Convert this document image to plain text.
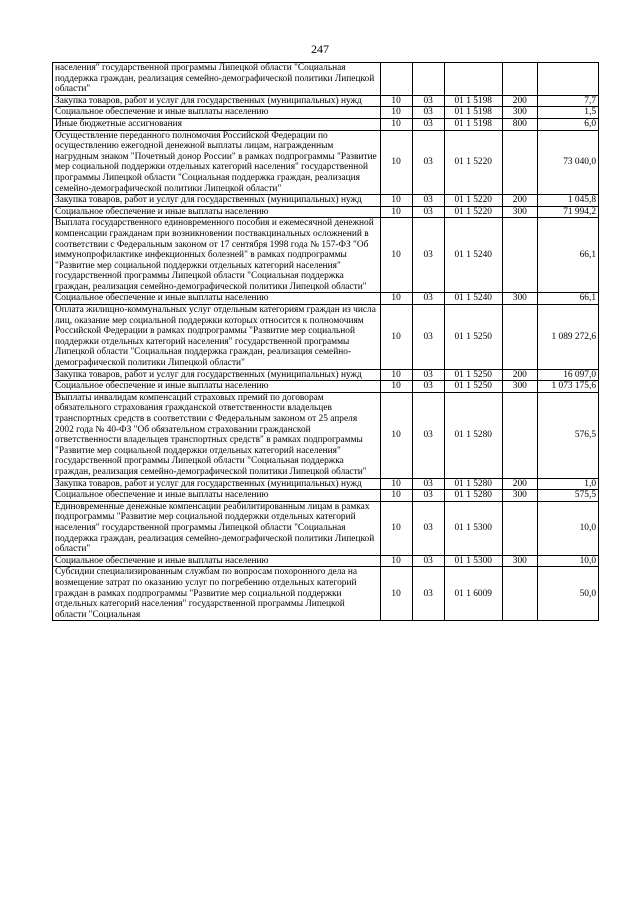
247
населения" государственной программы Липецкой области "Социальная поддержка граждан, реализация семейно-демографической политики Липецкой области"					
Закупка товаров, работ и услуг для государственных (муниципальных) нужд	10	03	01 1 5198	200	7,7
Социальное обеспечение и иные выплаты населению	10	03	01 1 5198	300	1,5
Иные бюджетные ассигнования	10	03	01 1 5198	800	6,0
Осуществление переданного полномочия Российской Федерации по осуществлению ежегодной денежной выплаты лицам, награжденным нагрудным знаком "Почетный донор России" в рамках подпрограммы "Развитие мер социальной поддержки отдельных категорий населения" государственной программы Липецкой области "Социальная поддержка граждан, реализация семейно-демографической политики Липецкой области"	10	03	01 1 5220		73 040,0
Закупка товаров, работ и услуг для государственных (муниципальных) нужд	10	03	01 1 5220	200	1 045,8
Социальное обеспечение и иные выплаты населению	10	03	01 1 5220	300	71 994,2
Выплата государственного единовременного пособия и ежемесячной денежной компенсации гражданам при возникновении поствакцинальных осложнений в соответствии с Федеральным законом от 17 сентября 1998 года № 157-ФЗ "Об иммунопрофилактике инфекционных болезней" в рамках подпрограммы "Развитие мер социальной поддержки отдельных категорий населения" государственной программы Липецкой области "Социальная поддержка граждан, реализация семейно-демографической политики Липецкой области"	10	03	01 1 5240		66,1
Социальное обеспечение и иные выплаты населению	10	03	01 1 5240	300	66,1
Оплата жилищно-коммунальных услуг отдельным категориям граждан из числа лиц, оказание мер социальной поддержки которых относится к полномочиям Российской Федерации в рамках подпрограммы "Развитие мер социальной поддержки отдельных категорий населения" государственной программы Липецкой области "Социальная поддержка граждан, реализация семейно-демографической политики Липецкой области"	10	03	01 1 5250		1 089 272,6
Закупка товаров, работ и услуг для государственных (муниципальных) нужд	10	03	01 1 5250	200	16 097,0
Социальное обеспечение и иные выплаты населению	10	03	01 1 5250	300	1 073 175,6
Выплаты инвалидам компенсаций страховых премий по договорам обязательного страхования гражданской ответственности владельцев транспортных средств в соответствии с Федеральным законом от 25 апреля 2002 года № 40-ФЗ "Об обязательном страховании гражданской ответственности владельцев транспортных средств" в рамках подпрограммы "Развитие мер социальной поддержки отдельных категорий населения" государственной программы Липецкой области "Социальная поддержка граждан, реализация семейно-демографической политики Липецкой области"	10	03	01 1 5280		576,5
Закупка товаров, работ и услуг для государственных (муниципальных) нужд	10	03	01 1 5280	200	1,0
Социальное обеспечение и иные выплаты населению	10	03	01 1 5280	300	575,5
Единовременные денежные компенсации реабилитированным лицам в рамках подпрограммы "Развитие мер социальной поддержки отдельных категорий населения" государственной программы Липецкой области "Социальная поддержка граждан, реализация семейно-демографической политики Липецкой области"	10	03	01 1 5300		10,0
Социальное обеспечение и иные выплаты населению	10	03	01 1 5300	300	10,0
Субсидии специализированным службам по вопросам похоронного дела на возмещение затрат по оказанию услуг по погребению отдельных категорий граждан в рамках подпрограммы "Развитие мер социальной поддержки отдельных категорий населения" государственной программы Липецкой области "Социальная	10	03	01 1 6009		50,0
